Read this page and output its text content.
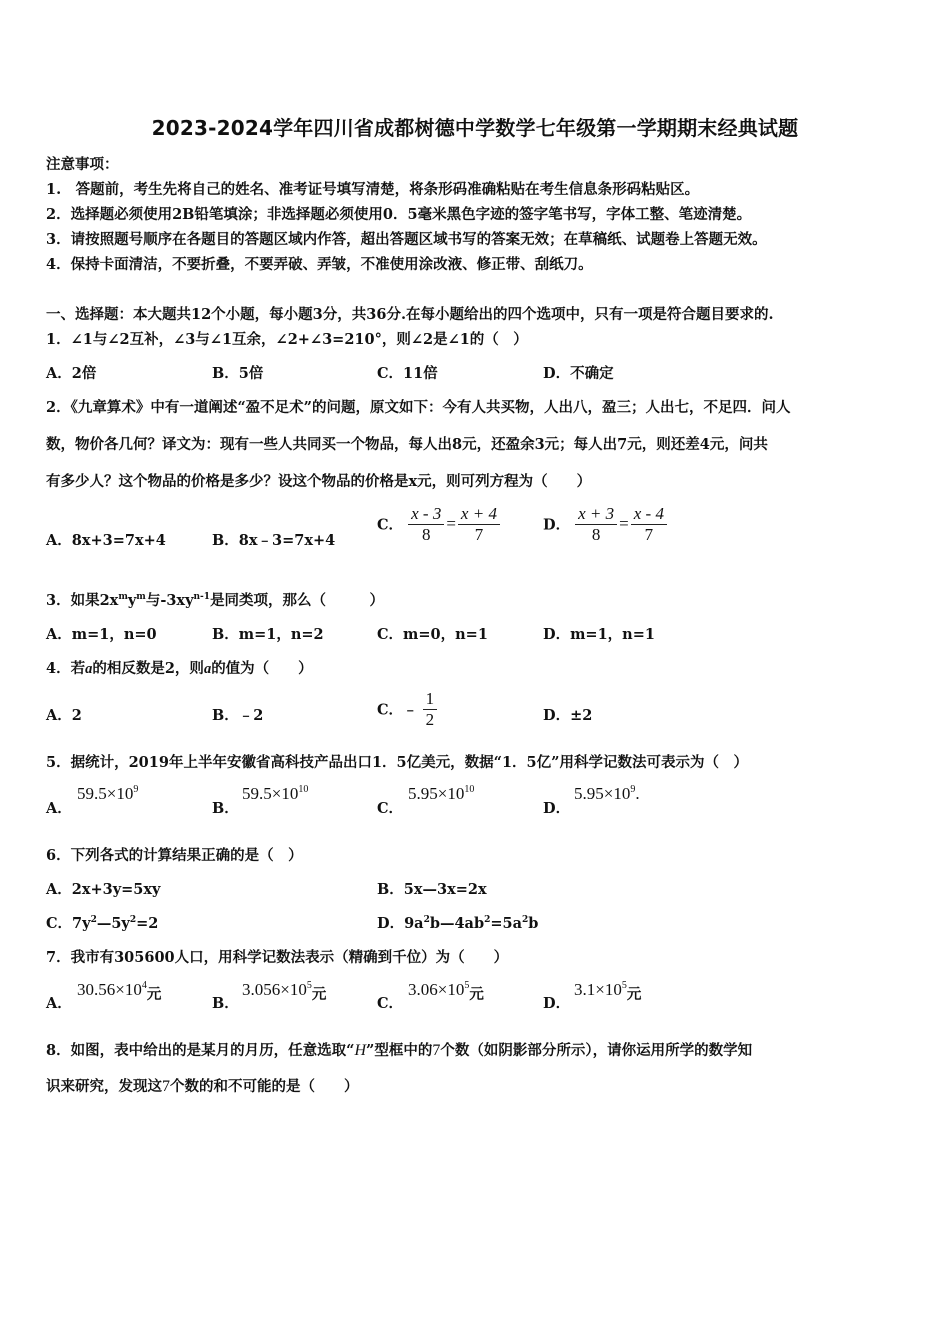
2023-2024学年四川省成都树德中学数学七年级第一学期期末经典试题
注意事项：
1.　答题前，考生先将自己的姓名、准考证号填写清楚，将条形码准确粘贴在考生信息条形码粘贴区。
2．选择题必须使用2B铅笔填涂；非选择题必须使用0．5毫米黑色字迹的签字笔书写，字体工整、笔迹清楚。
3．请按照题号顺序在各题目的答题区域内作答，超出答题区域书写的答案无效；在草稿纸、试题卷上答题无效。
4．保持卡面清洁，不要折叠，不要弄破、弄皱，不准使用涂改液、修正带、刮纸刀。
一、选择题：本大题共12个小题，每小题3分，共36分.在每小题给出的四个选项中，只有一项是符合题目要求的.
1．∠1与∠2互补，∠3与∠1互余，∠2+∠3=210°，则∠2是∠1的（　）
A．2倍	B．5倍	C．11倍	D．不确定
2．《九章算术》中有一道阐述“盈不足术”的问题，原文如下：今有人共买物，人出八，盈三；人出七，不足四．问人
数，物价各几何？译文为：现有一些人共同买一个物品，每人出8元，还盈余3元；每人出7元，则还差4元，问共
有多少人？这个物品的价格是多少？设这个物品的价格是x元，则可列方程为（　　）
A．8x+3=7x+4	B．8x﹣3=7x+4
C． $\frac{x - 3}{8} = \frac{x + 4}{7}$	D． $\frac{x + 3}{8} = \frac{x - 4}{7}$
3．如果$2x^my^m$与$-3xy^{n-1}$是同类项，那么（　　　）
A．m=1，n=0	B．m=1，n=2	C．m=0，n=1	D．m=1，n=1
4．若a的相反数是2，则a的值为（　　）
A．2	B．﹣2	C．﹣ $\frac{1}{2}$	D．±2
5．据统计，2019年上半年安徽省高科技产品出口1．5亿美元，数据“1．5亿”用科学记数法可表示为（　）
A．
$59.5\times 10^9$
B．
$59.5\times 10^{10}$
C．
$5.95\times 10^{10}$
D．
$5.95\times 10^9$.
6．下列各式的计算结果正确的是（　）
A．2x+3y=5xy	B．5x—3x=2x
C．$7y^2—5y^2=2$	D．$9a^2b—4ab^2=5a^2b$
7．我市有305600人口，用科学记数法表示（精确到千位）为（　　）
A．
$30.56\times 10^4$元
B．
$3.056\times 10^5$元
C．
$3.06\times 10^5$元
D．
$3.1\times 10^5$元
8．如图，表中给出的是某月的月历，任意选取“H”型框中的7个数（如阴影部分所示），请你运用所学的数学知
识来研究，发现这7个数的和不可能的是（　　）
